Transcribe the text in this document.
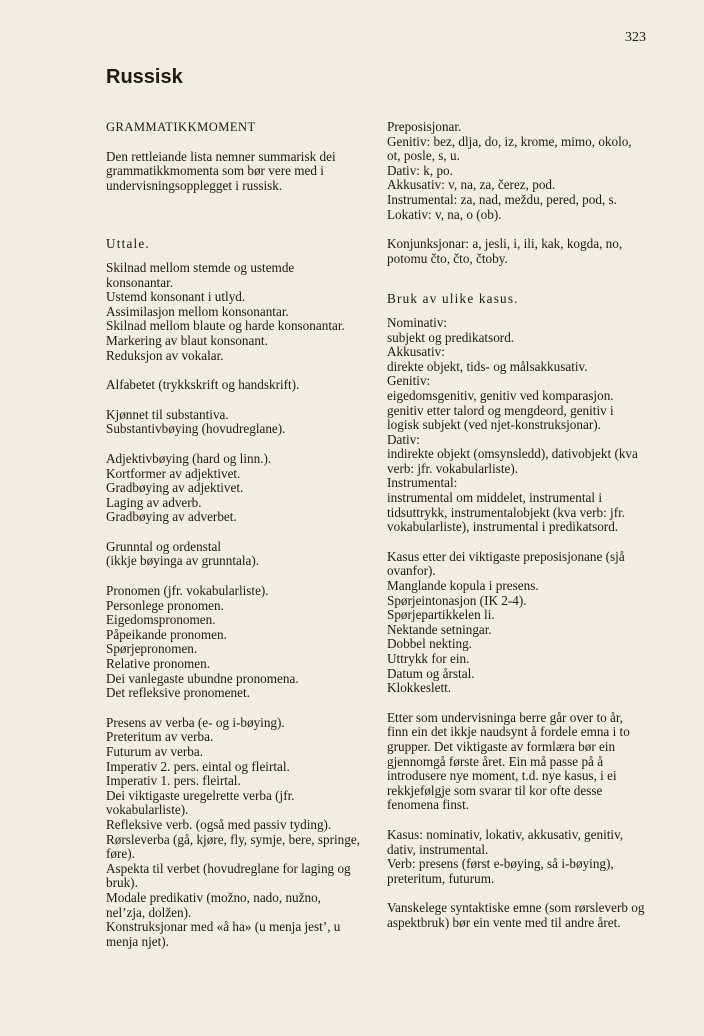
323
Russisk

GRAMMATIKKMOMENT

Den rettleiande lista nemner summarisk dei grammatikkmomenta som bør vere med i undervisningsopplegget i russisk.

Uttale.

Skilnad mellom stemde og ustemde konsonantar.

Ustemd konsonant i utlyd.

Assimilasjon mellom konsonantar.

Skilnad mellom blaute og harde konsonantar.

Markering av blaut konsonant.

Reduksjon av vokalar.

Alfabetet (trykkskrift og handskrift).

Kjønnet til substantiva.

Substantivbøying (hovudreglane).

Adjektivbøying (hard og linn.).

Kortformer av adjektivet.

Gradbøying av adjektivet.

Laging av adverb.

Gradbøying av adverbet.

Grunntal og ordenstal

(ikkje bøyinga av grunntala).

Pronomen (jfr. vokabularliste).

Personlege pronomen.

Eigedomspronomen.

Påpeikande pronomen.

Spørjepronomen.

Relative pronomen.

Dei vanlegaste ubundne pronomena.

Det refleksive pronomenet.

Presens av verba (e- og i-bøying).

Preteritum av verba.

Futurum av verba.

Imperativ 2. pers. eintal og fleirtal.

Imperativ 1. pers. fleirtal.

Dei viktigaste uregelrette verba (jfr. vokabularliste).

Refleksive verb. (også med passiv tyding).

Rørsleverba (gå, kjøre, fly, symje, bere, springe, føre).

Aspekta til verbet (hovudreglane for laging og bruk).

Modale predikativ (možno, nado, nužno, nel’zja, dolžen).

Konstruksjonar med «å ha» (u menja jest’, u menja njet).

Preposisjonar.

Genitiv: bez, dlja, do, iz, krome, mimo, okolo, ot, posle, s, u.

Dativ: k, po.

Akkusativ: v, na, za, čerez, pod.

Instrumental: za, nad, meždu, pered, pod, s.

Lokativ: v, na, o (ob).

Konjunksjonar: a, jesli, i, ili, kak, kogda, no, potomu čto, čto, čtoby.

Bruk av ulike kasus.

Nominativ:

subjekt og predikatsord.

Akkusativ:

direkte objekt, tids- og målsakkusativ.

Genitiv:

eigedomsgenitiv, genitiv ved komparasjon. genitiv etter talord og mengdeord, genitiv i logisk subjekt (ved njet-konstruksjonar).

Dativ:

indirekte objekt (omsynsledd), dativobjekt (kva verb: jfr. vokabularliste).

Instrumental:

instrumental om middelet, instrumental i tidsuttrykk, instrumentalobjekt (kva verb: jfr. vokabularliste), instrumental i predikatsord.

Kasus etter dei viktigaste preposisjonane (sjå ovanfor).

Manglande kopula i presens.

Spørjeintonasjon (IK 2-4).

Spørjepartikkelen li.

Nektande setningar.

Dobbel nekting.

Uttrykk for ein.

Datum og årstal.

Klokkeslett.

Etter som undervisninga berre går over to år, finn ein det ikkje naudsynt å fordele emna i to grupper. Det viktigaste av formlæra bør ein gjennomgå første året. Ein må passe på å introdusere nye moment, t.d. nye kasus, i ei rekkjefølgje som svarar til kor ofte desse fenomena finst.

Kasus: nominativ, lokativ, akkusativ, genitiv, dativ, instrumental.

Verb: presens (først e-bøying, så i-bøying), preteritum, futurum.

Vanskelege syntaktiske emne (som rørsleverb og aspektbruk) bør ein vente med til andre året.
